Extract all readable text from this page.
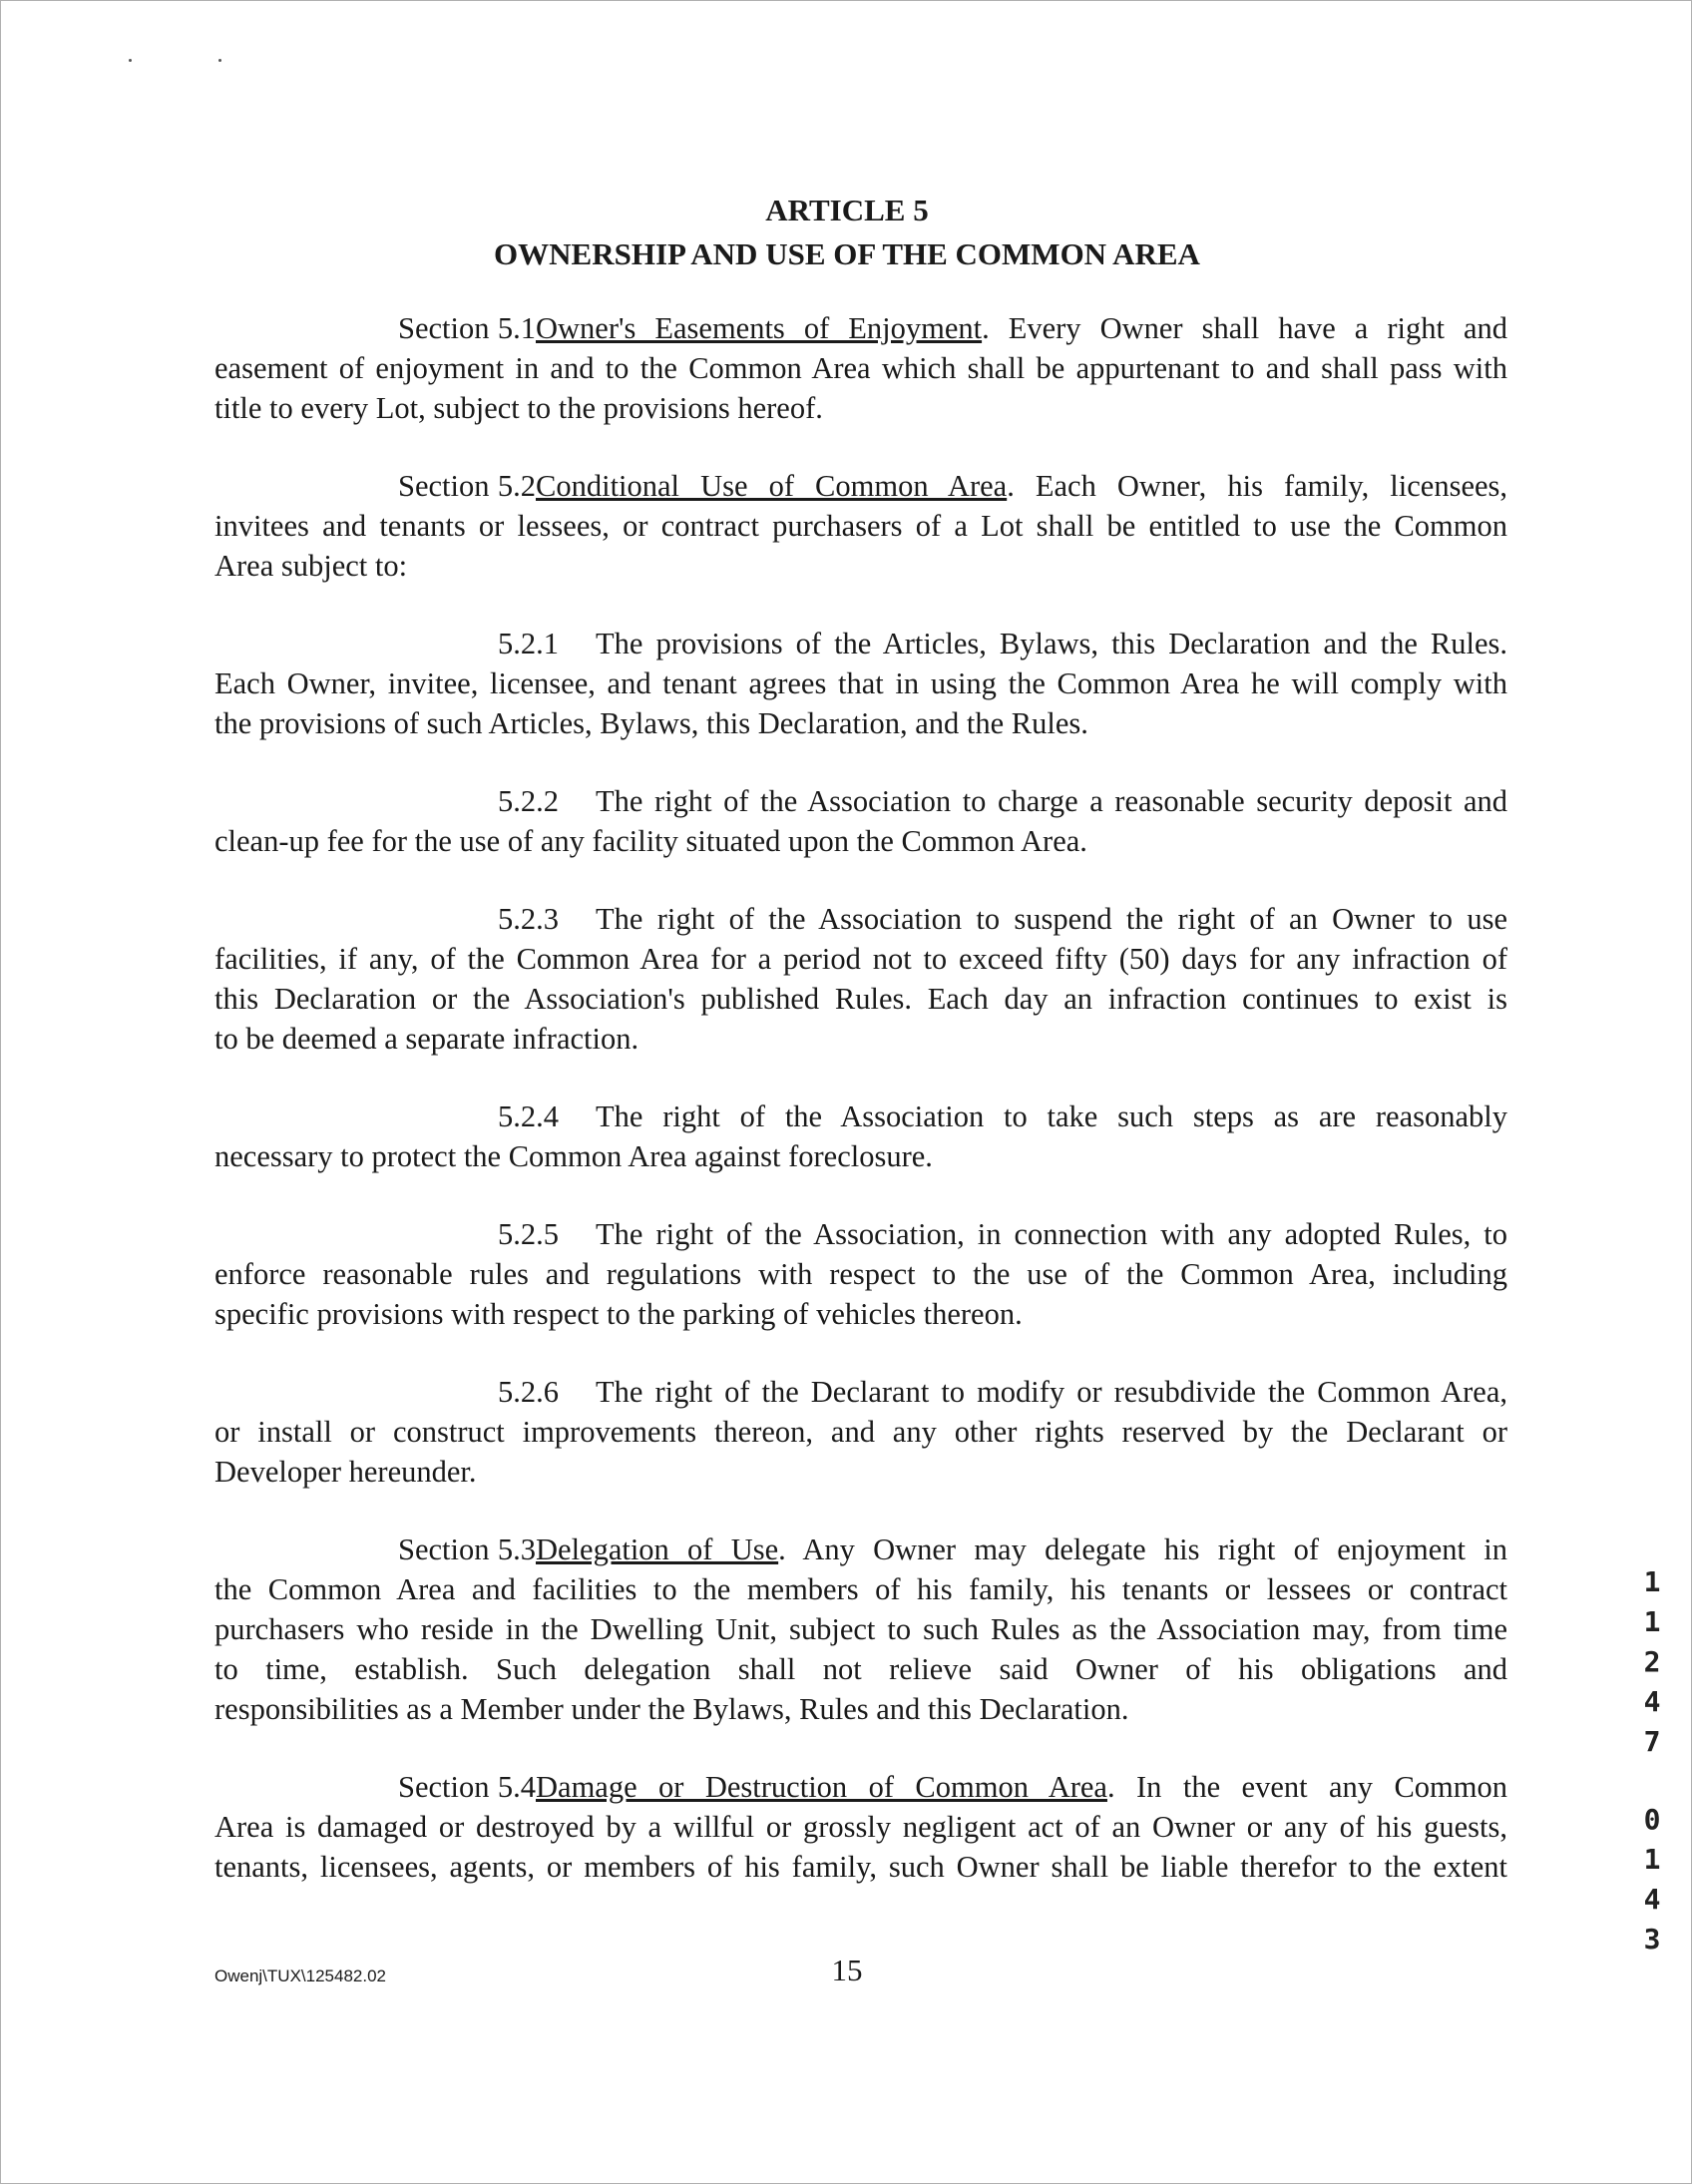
ARTICLE 5
OWNERSHIP AND USE OF THE COMMON AREA
Section 5.1Owner's Easements of Enjoyment. Every Owner shall have a right and
easement of enjoyment in and to the Common Area which shall be appurtenant to and shall pass with
title to every Lot, subject to the provisions hereof.
Section 5.2Conditional Use of Common Area. Each Owner, his family, licensees,
invitees and tenants or lessees, or contract purchasers of a Lot shall be entitled to use the Common
Area subject to:
5.2.1 The provisions of the Articles, Bylaws, this Declaration and the Rules.
Each Owner, invitee, licensee, and tenant agrees that in using the Common Area he will comply with
the provisions of such Articles, Bylaws, this Declaration, and the Rules.
5.2.2 The right of the Association to charge a reasonable security deposit and
clean-up fee for the use of any facility situated upon the Common Area.
5.2.3 The right of the Association to suspend the right of an Owner to use
facilities, if any, of the Common Area for a period not to exceed fifty (50) days for any infraction of
this Declaration or the Association's published Rules. Each day an infraction continues to exist is
to be deemed a separate infraction.
5.2.4 The right of the Association to take such steps as are reasonably
necessary to protect the Common Area against foreclosure.
5.2.5 The right of the Association, in connection with any adopted Rules, to
enforce reasonable rules and regulations with respect to the use of the Common Area, including
specific provisions with respect to the parking of vehicles thereon.
5.2.6 The right of the Declarant to modify or resubdivide the Common Area,
or install or construct improvements thereon, and any other rights reserved by the Declarant or
Developer hereunder.
Section 5.3Delegation of Use. Any Owner may delegate his right of enjoyment in
the Common Area and facilities to the members of his family, his tenants or lessees or contract
purchasers who reside in the Dwelling Unit, subject to such Rules as the Association may, from time
to time, establish. Such delegation shall not relieve said Owner of his obligations and
responsibilities as a Member under the Bylaws, Rules and this Declaration.
Section 5.4Damage or Destruction of Common Area. In the event any Common
Area is damaged or destroyed by a willful or grossly negligent act of an Owner or any of his guests,
tenants, licensees, agents, or members of his family, such Owner shall be liable therefor to the extent
1
1
2
4
7
0
1
4
3
Owenj\TUX\125482.02	15
